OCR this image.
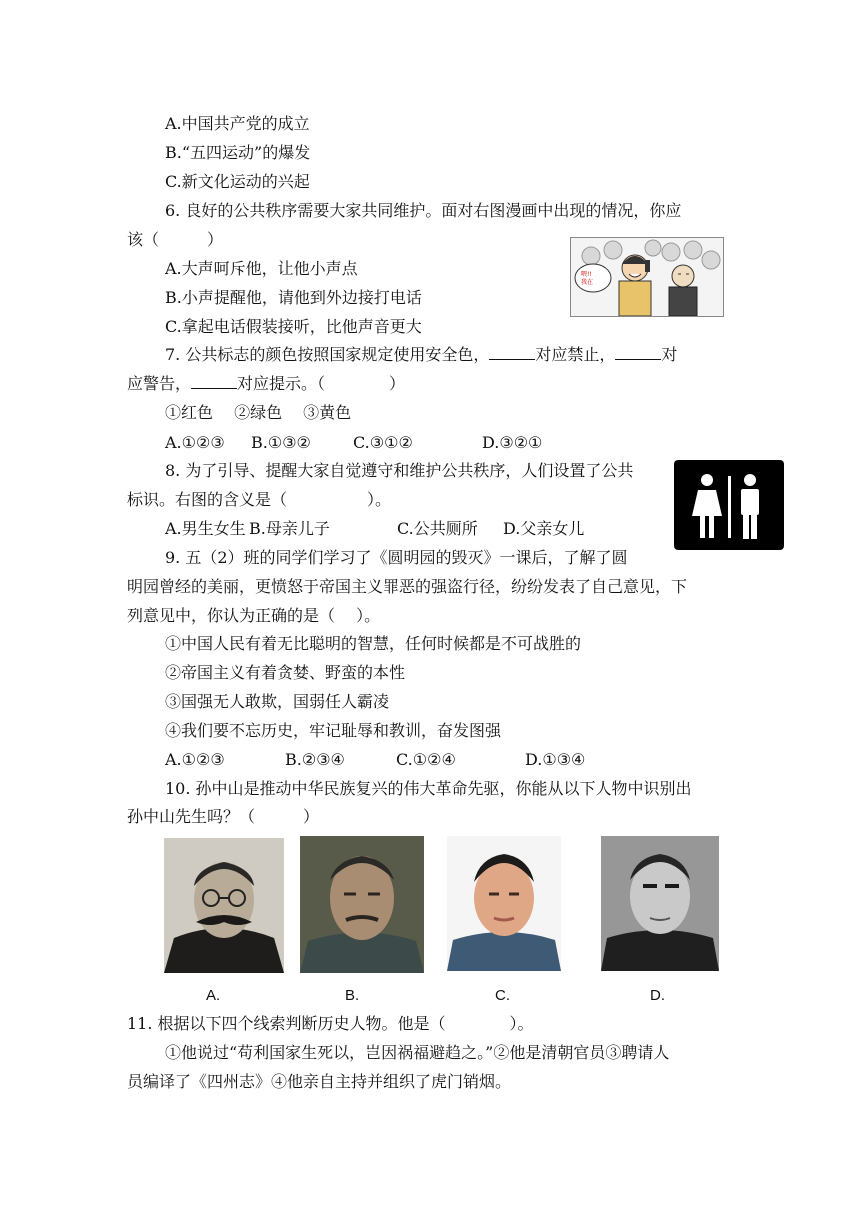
A.中国共产党的成立
B.“五四运动”的爆发
C.新文化运动的兴起
6. 良好的公共秩序需要大家共同维护。面对右图漫画中出现的情况，你应
该（　　　）
A.大声呵斥他，让他小声点
B.小声提醒他，请他到外边接打电话
C.拿起电话假装接听，比他声音更大
喂!!
我在
7. 公共标志的颜色按照国家规定使用安全色，	对应禁止，	对
应警告，	对应提示。（　　　　）
①红色　 ②绿色　 ③黄色
A.①②③ B.①③②	C.③①②	D.③②①
8. 为了引导、提醒大家自觉遵守和维护公共秩序，人们设置了公共
标识。右图的含义是（　　　　　）。
A.男生女生 B.母亲儿子	C.公共厕所 D.父亲女儿
9. 五（2）班的同学们学习了《圆明园的毁灭》一课后，了解了圆
明园曾经的美丽，更愤怒于帝国主义罪恶的强盗行径，纷纷发表了自己意见，下
列意见中，你认为正确的是（　 ）。
①中国人民有着无比聪明的智慧，任何时候都是不可战胜的
②帝国主义有着贪婪、野蛮的本性
③国强无人敢欺，国弱任人霸凌
④我们要不忘历史，牢记耻辱和教训，奋发图强
A.①②③	B.②③④	C.①②④	D.①③④
10. 孙中山是推动中华民族复兴的伟大革命先驱，你能从以下人物中识别出
孙中山先生吗？（　　　）
A.	B.	C.	D.
11. 根据以下四个线索判断历史人物。他是（　　　　）。
①他说过“苟利国家生死以，岂因祸福避趋之。”②他是清朝官员③聘请人
员编译了《四州志》④他亲自主持并组织了虎门销烟。
